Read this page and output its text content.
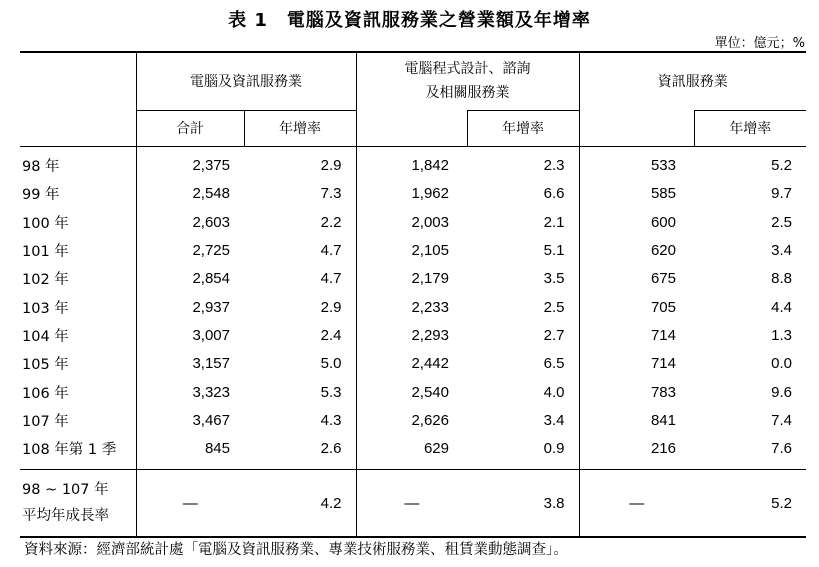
表 1　電腦及資訊服務業之營業額及年增率
單位：億元；%
	電腦及資訊服務業		電腦程式設計、諮詢
及相關服務業		資訊服務業	
	合計	年增率		年增率		年增率

98 年	2,375	2.9	1,842	2.3	533	5.2
99 年	2,548	7.3	1,962	6.6	585	9.7
100 年	2,603	2.2	2,003	2.1	600	2.5
101 年	2,725	4.7	2,105	5.1	620	3.4
102 年	2,854	4.7	2,179	3.5	675	8.8
103 年	2,937	2.9	2,233	2.5	705	4.4
104 年	3,007	2.4	2,293	2.7	714	1.3
105 年	3,157	5.0	2,442	6.5	714	0.0
106 年	3,323	5.3	2,540	4.0	783	9.6
107 年	3,467	4.3	2,626	3.4	841	7.4
108 年第 1 季	845	2.6	629	0.9	216	7.6

98 ~ 107 年
平均年成長率	—	4.2	—	3.8	—	5.2
資料來源：經濟部統計處「電腦及資訊服務業、專業技術服務業、租賃業動態調查」。
